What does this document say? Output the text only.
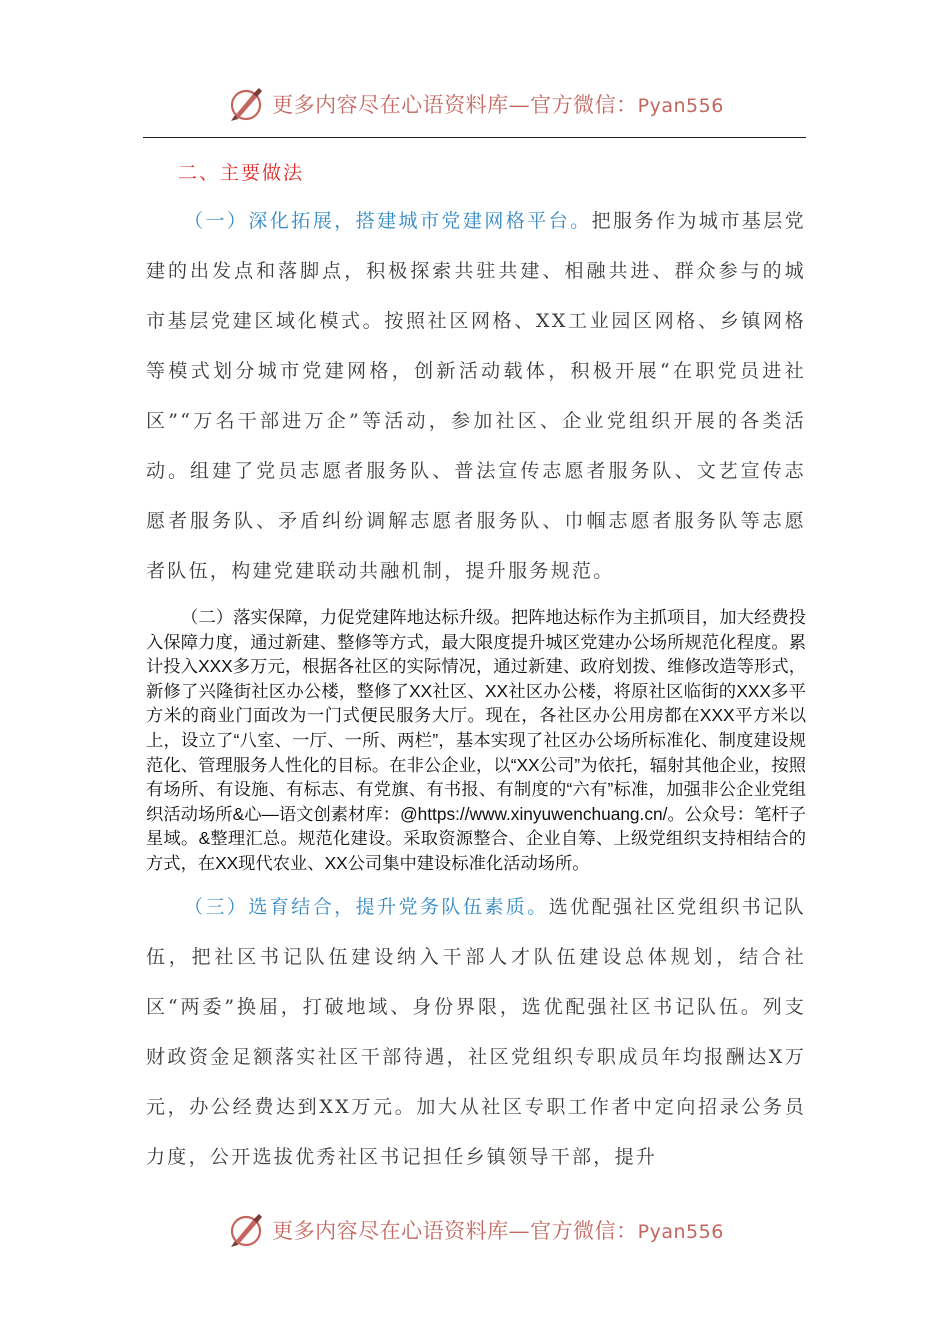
更多内容尽在心语资料库—官方微信：Pyan556
二、主要做法

（一）深化拓展，搭建城市党建网格平台。把服务作为城市基层党建的出发点和落脚点，积极探索共驻共建、相融共进、群众参与的城市基层党建区域化模式。按照社区网格、XX工业园区网格、乡镇网格等模式划分城市党建网格，创新活动载体，积极开展“在职党员进社区”“万名干部进万企”等活动，参加社区、企业党组织开展的各类活动。组建了党员志愿者服务队、普法宣传志愿者服务队、文艺宣传志愿者服务队、矛盾纠纷调解志愿者服务队、巾帼志愿者服务队等志愿者队伍，构建党建联动共融机制，提升服务规范。

（二）落实保障，力促党建阵地达标升级。把阵地达标作为主抓项目，加大经费投入保障力度，通过新建、整修等方式，最大限度提升城区党建办公场所规范化程度。累计投入XXX多万元，根据各社区的实际情况，通过新建、政府划拨、维修改造等形式，新修了兴隆街社区办公楼，整修了XX社区、XX社区办公楼，将原社区临街的XXX多平方米的商业门面改为一门式便民服务大厅。现在，各社区办公用房都在XXX平方米以上，设立了“八室、一厅、一所、两栏”，基本实现了社区办公场所标准化、制度建设规范化、管理服务人性化的目标。在非公企业，以“XX公司”为依托，辐射其他企业，按照有场所、有设施、有标志、有党旗、有书报、有制度的“六有”标准，加强非公企业党组织活动场所&心—语文创素材库：@https://www.xinyuwenchuang.cn/。公众号：笔杆子星域。&整理汇总。规范化建设。采取资源整合、企业自筹、上级党组织支持相结合的方式，在XX现代农业、XX公司集中建设标准化活动场所。

（三）选育结合，提升党务队伍素质。选优配强社区党组织书记队伍，把社区书记队伍建设纳入干部人才队伍建设总体规划，结合社区“两委”换届，打破地域、身份界限，选优配强社区书记队伍。列支财政资金足额落实社区干部待遇，社区党组织专职成员年均报酬达X万元，办公经费达到XX万元。加大从社区专职工作者中定向招录公务员力度，公开选拔优秀社区书记担任乡镇领导干部，提升

更多内容尽在心语资料库—官方微信：Pyan556
